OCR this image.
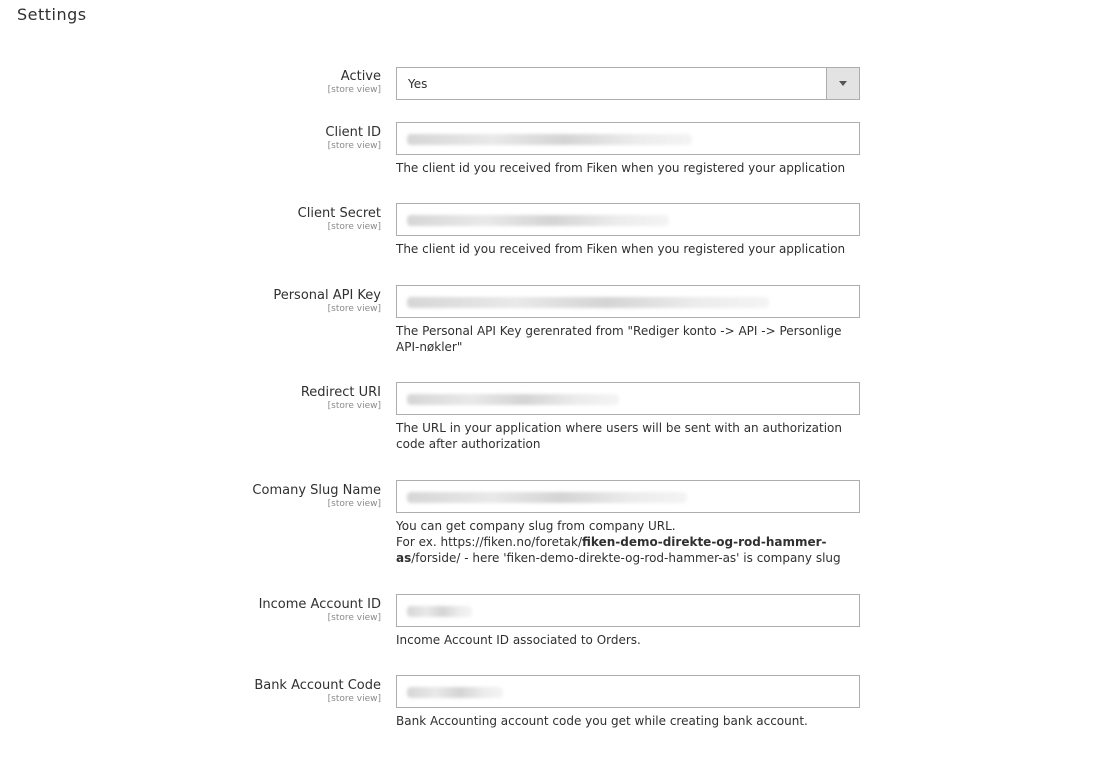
Settings
Active
[store view] Yes
Client ID
[store view]
The client id you received from Fiken when you registered your application
Client Secret
[store view]
The client id you received from Fiken when you registered your application
Personal API Key
[store view]
The Personal API Key gerenrated from "Rediger konto -> API -> Personlige API-nøkler"
Redirect URI
[store view]
The URL in your application where users will be sent with an authorization code after authorization
Comany Slug Name
[store view]
You can get company slug from company URL.
For ex. https://fiken.no/foretak/fiken-demo-direkte-og-rod-hammer-as/forside/ - here 'fiken-demo-direkte-og-rod-hammer-as' is company slug
Income Account ID
[store view]
Income Account ID associated to Orders.
Bank Account Code
[store view]
Bank Accounting account code you get while creating bank account.
